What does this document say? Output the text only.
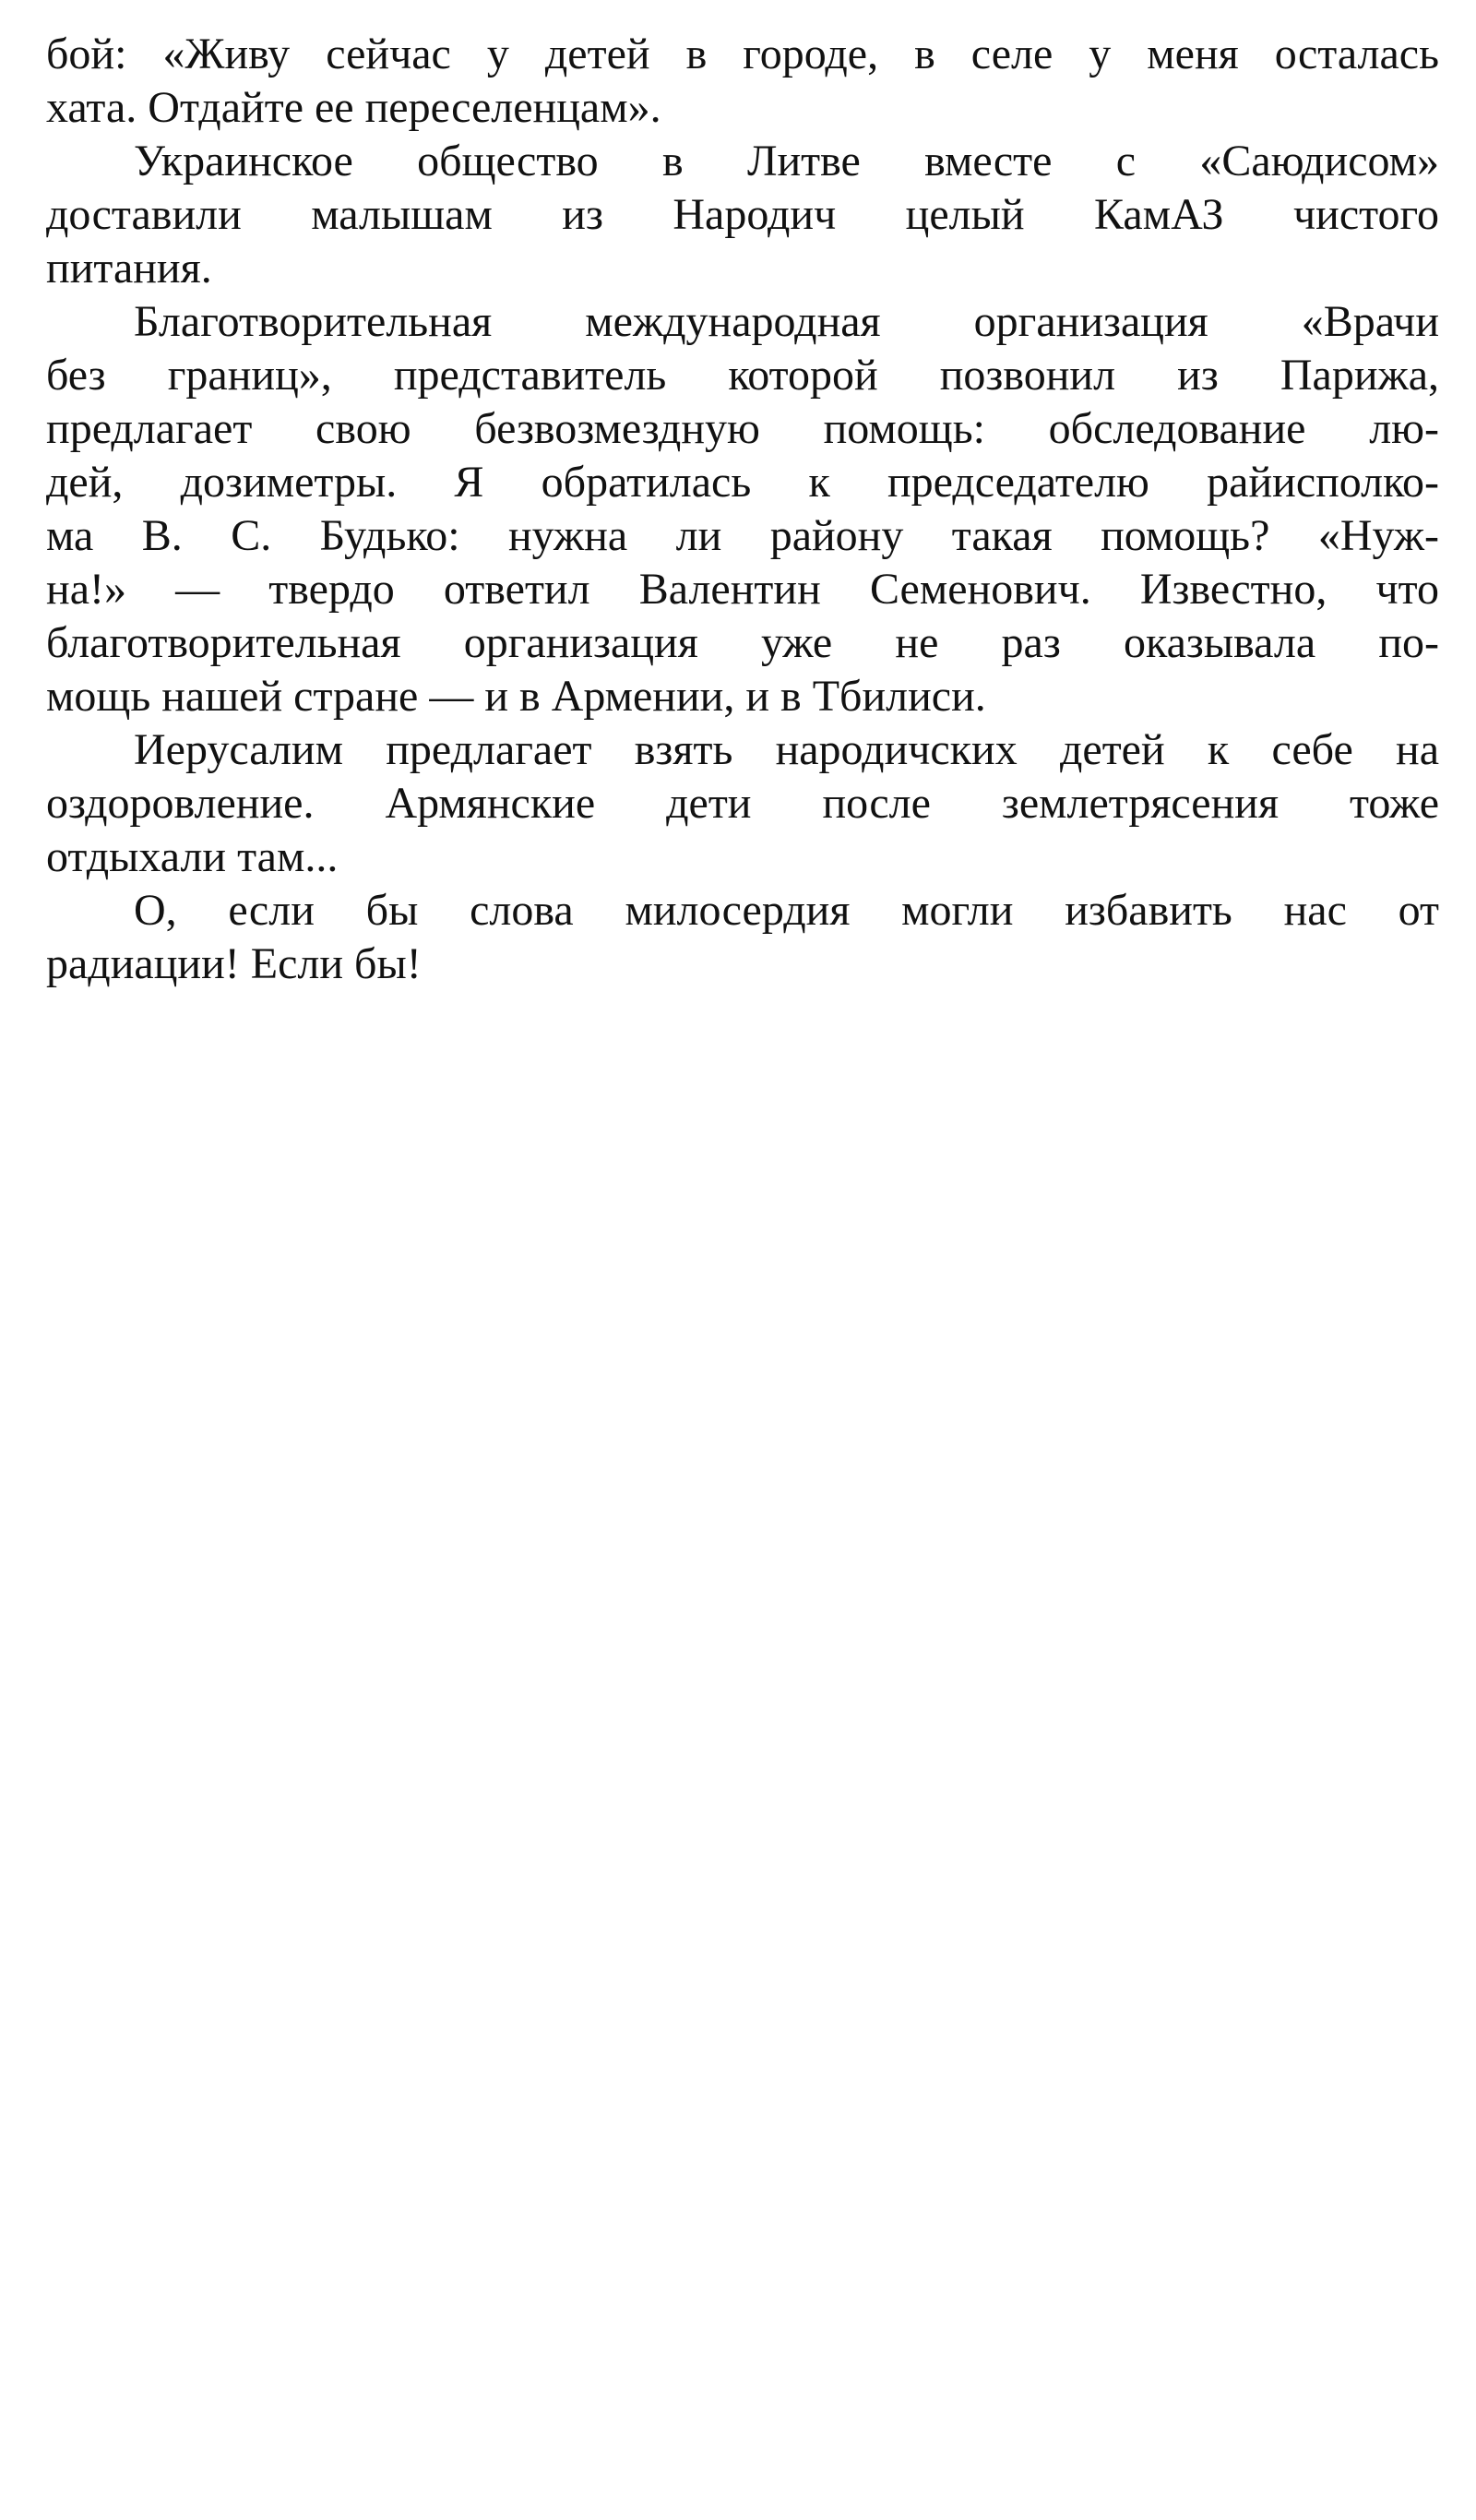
бой: «Живу сейчас у детей в городе, в селе у меня осталась
хата. Отдайте ее переселенцам».
Украинское общество в Литве вместе с «Саюдисом»
доставили малышам из Народич целый КамАЗ чистого
питания.
Благотворительная международная организация «Врачи
без границ», представитель которой позвонил из Парижа,
предлагает свою безвозмездную помощь: обследование лю-
дей, дозиметры. Я обратилась к председателю райисполко-
ма В. С. Будько: нужна ли району такая помощь? «Нуж-
на!» — твердо ответил Валентин Семенович. Известно, что
благотворительная организация уже не раз оказывала по-
мощь нашей стране — и в Армении, и в Тбилиси.
Иерусалим предлагает взять народичских детей к себе на
оздоровление. Армянские дети после землетрясения тоже
отдыхали там...
О, если бы слова милосердия могли избавить нас от
радиации! Если бы!
